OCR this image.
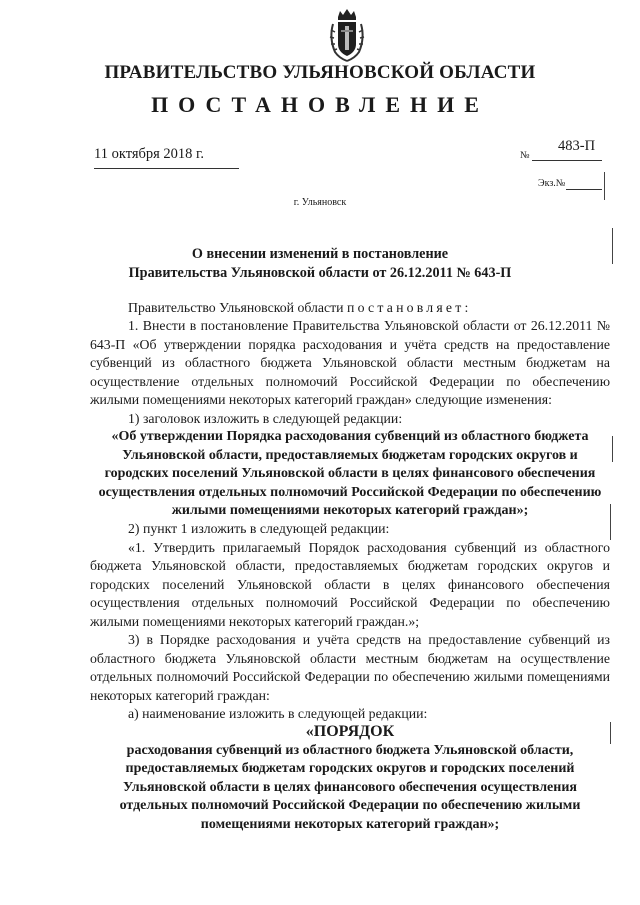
ПРАВИТЕЛЬСТВО УЛЬЯНОВСКОЙ ОБЛАСТИ
ПОСТАНОВЛЕНИЕ
11 октября 2018 г.	№
483-П
Экз.№
г. Ульяновск
О внесении изменений в постановление
Правительства Ульяновской области от 26.12.2011 № 643-П

Правительство Ульяновской области постановляет:

1. Внести в постановление Правительства Ульяновской области от 26.12.2011 № 643-П «Об утверждении порядка расходования и учёта средств на предоставление субвенций из областного бюджета Ульяновской области местным бюджетам на осуществление отдельных полномочий Российской Федерации по обеспечению жилыми помещениями некоторых категорий граждан» следующие изменения:

1) заголовок изложить в следующей редакции:

«Об утверждении Порядка расходования субвенций из областного бюджета Ульяновской области, предоставляемых бюджетам городских округов и городских поселений Ульяновской области в целях финансового обеспечения осуществления отдельных полномочий Российской Федерации по обеспечению жилыми помещениями некоторых категорий граждан»;

2) пункт 1 изложить в следующей редакции:

«1. Утвердить прилагаемый Порядок расходования субвенций из областного бюджета Ульяновской области, предоставляемых бюджетам городских округов и городских поселений Ульяновской области в целях финансового обеспечения осуществления отдельных полномочий Российской Федерации по обеспечению жилыми помещениями некоторых категорий граждан.»;

3) в Порядке расходования и учёта средств на предоставление субвенций из областного бюджета Ульяновской области местным бюджетам на осуществление отдельных полномочий Российской Федерации по обеспечению жилыми помещениями некоторых категорий граждан:

а) наименование изложить в следующей редакции:

«ПОРЯДОК

расходования субвенций из областного бюджета Ульяновской области, предоставляемых бюджетам городских округов и городских поселений Ульяновской области в целях финансового обеспечения осуществления отдельных полномочий Российской Федерации по обеспечению жилыми помещениями некоторых категорий граждан»;
